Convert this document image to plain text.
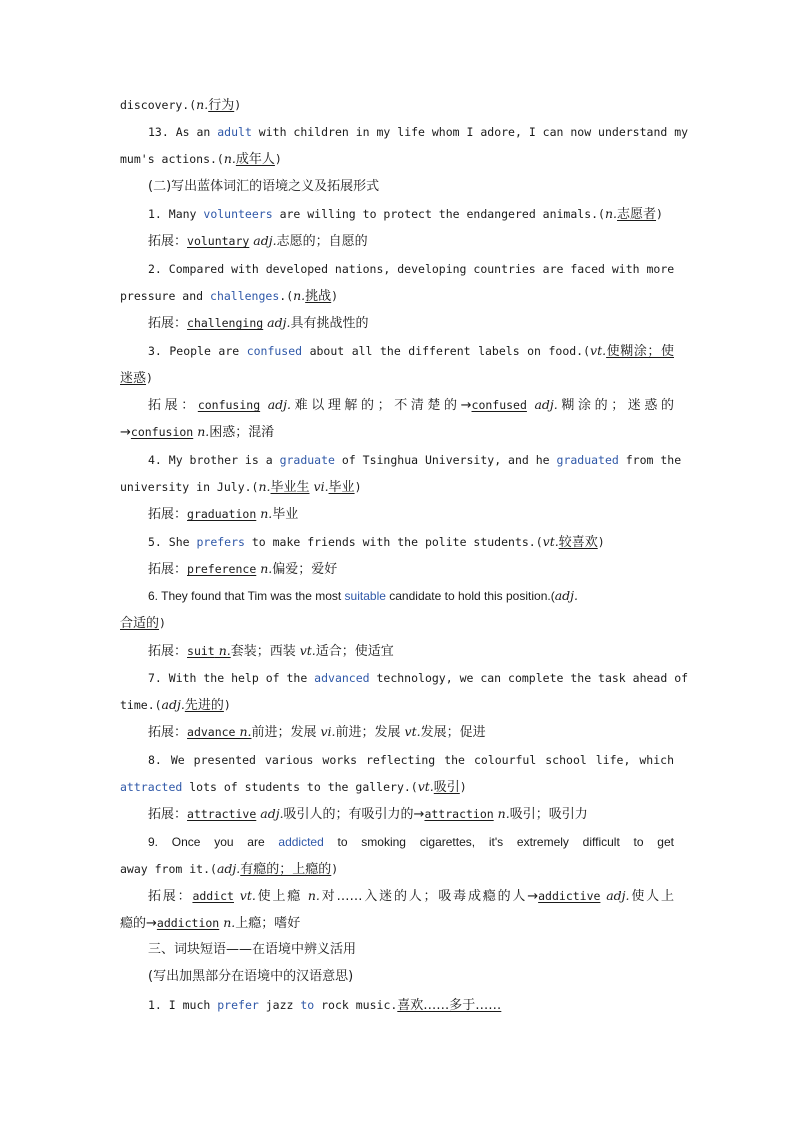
discovery.(n.行为)
13. As an adult with children in my life whom I adore, I can now understand my
mum's actions.(n.成年人)
(二)写出蓝体词汇的语境之义及拓展形式
1. Many volunteers are willing to protect the endangered animals.(n.志愿者)
拓展：voluntary adj.志愿的；自愿的
2. Compared with developed nations, developing countries are faced with more
pressure and challenges.(n.挑战)
拓展：challenging adj.具有挑战性的
3. People are confused about all the different labels on food.(vt.使糊涂；使
迷惑)
拓展：confusing adj.难以理解的；不清楚的→confused adj.糊涂的；迷惑的
→confusion n.困惑；混淆
4. My brother is a graduate of Tsinghua University, and he graduated from the
university in July.(n.毕业生 vi.毕业)
拓展：graduation n.毕业
5. She prefers to make friends with the polite students.(vt.较喜欢)
拓展：preference n.偏爱；爱好
6. They found that Tim was the most suitable candidate to hold this position.(adj.
合适的)
拓展：suit n.套装；西装 vt.适合；使适宜
7. With the help of the advanced technology, we can complete the task ahead of
time.(adj.先进的)
拓展：advance n.前进；发展 vi.前进；发展 vt.发展；促进
8. We presented various works reflecting the colourful school life, which
attracted lots of students to the gallery.(vt.吸引)
拓展：attractive adj.吸引人的；有吸引力的→attraction n.吸引；吸引力
9. Once you are addicted to smoking cigarettes, it's extremely difficult to get
away from it.(adj.有瘾的；上瘾的)
拓展：addict vt.使上瘾 n.对……入迷的人；吸毒成瘾的人→addictive adj.使人上
瘾的→addiction n.上瘾；嗜好
三、词块短语——在语境中辨义活用
(写出加黑部分在语境中的汉语意思)
1. I much prefer jazz to rock music.喜欢……多于……
